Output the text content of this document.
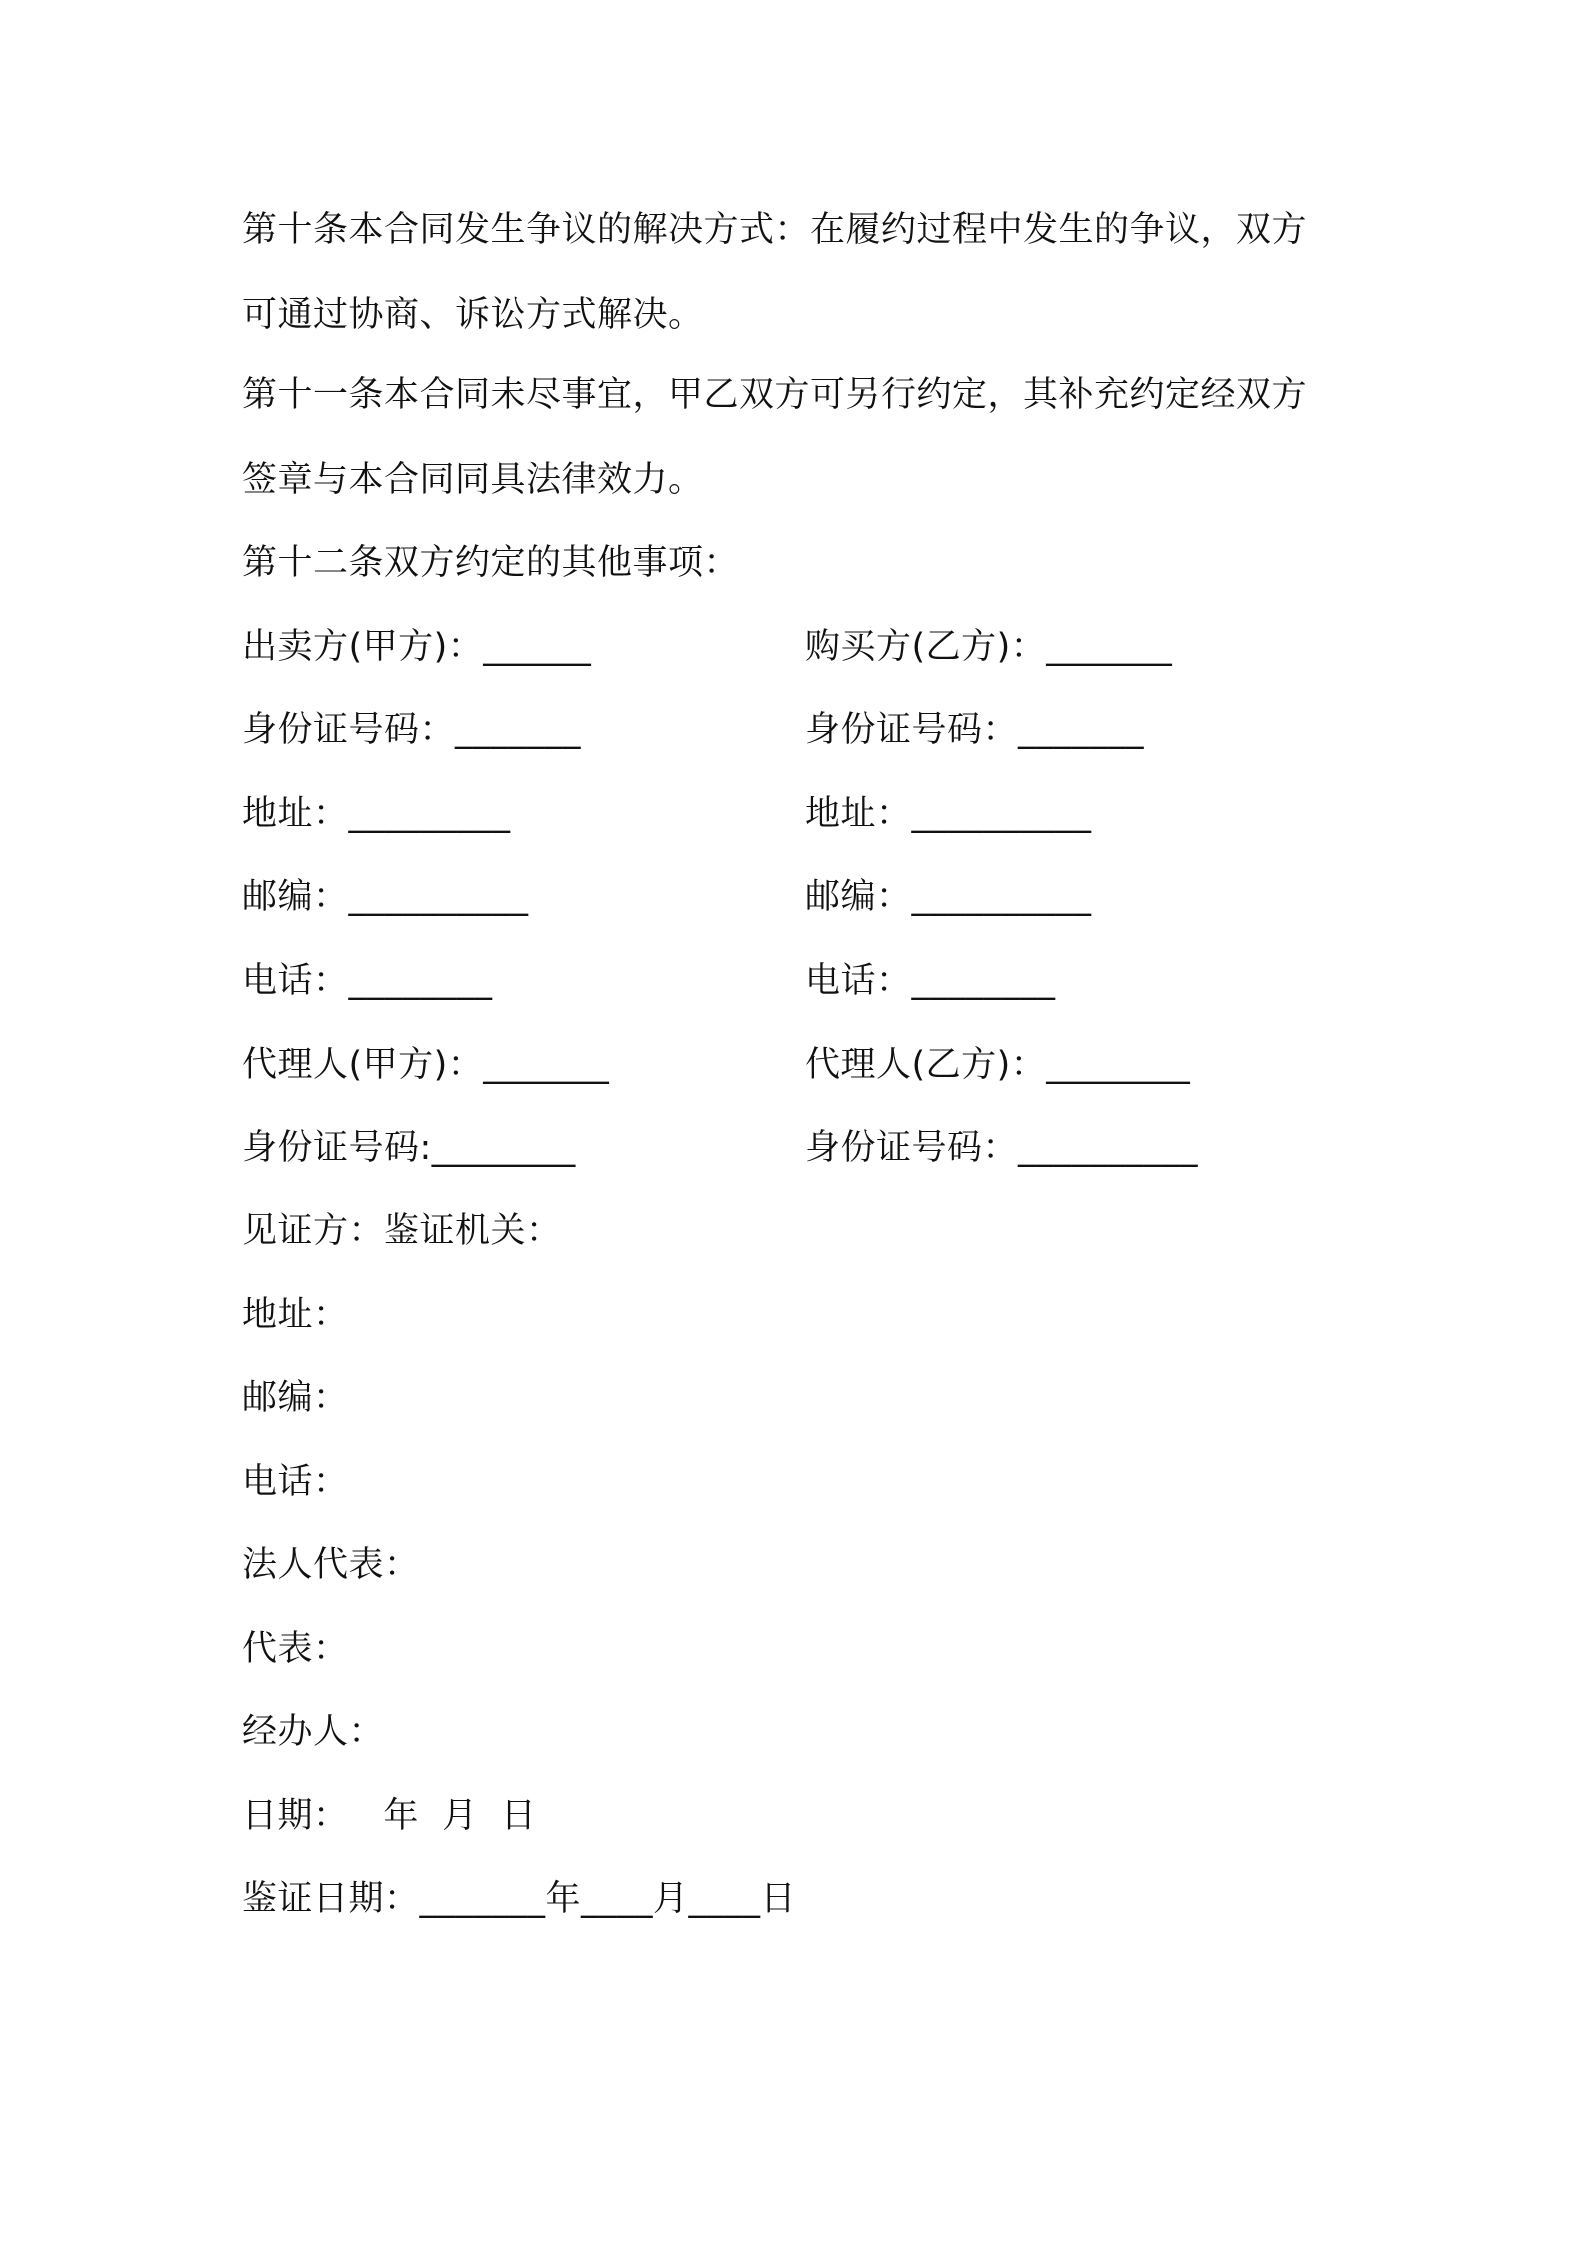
第十条本合同发生争议的解决方式：在履约过程中发生的争议，双方
可通过协商、诉讼方式解决。
第十一条本合同未尽事宜，甲乙双方可另行约定，其补充约定经双方
签章与本合同同具法律效力。
第十二条双方约定的其他事项：
出卖方(甲方)：______	购买方(乙方)：_______
身份证号码：_______	身份证号码：_______
地址：_________	地址：__________
邮编：__________	邮编：__________
电话：________	电话：________
代理人(甲方)：_______	代理人(乙方)：________
身份证号码:________	身份证号码：__________
见证方：鉴证机关：
地址：
邮编：
电话：
法人代表：
代表：
经办人：
日期：   年  月  日
鉴证日期：_______年____月____日
